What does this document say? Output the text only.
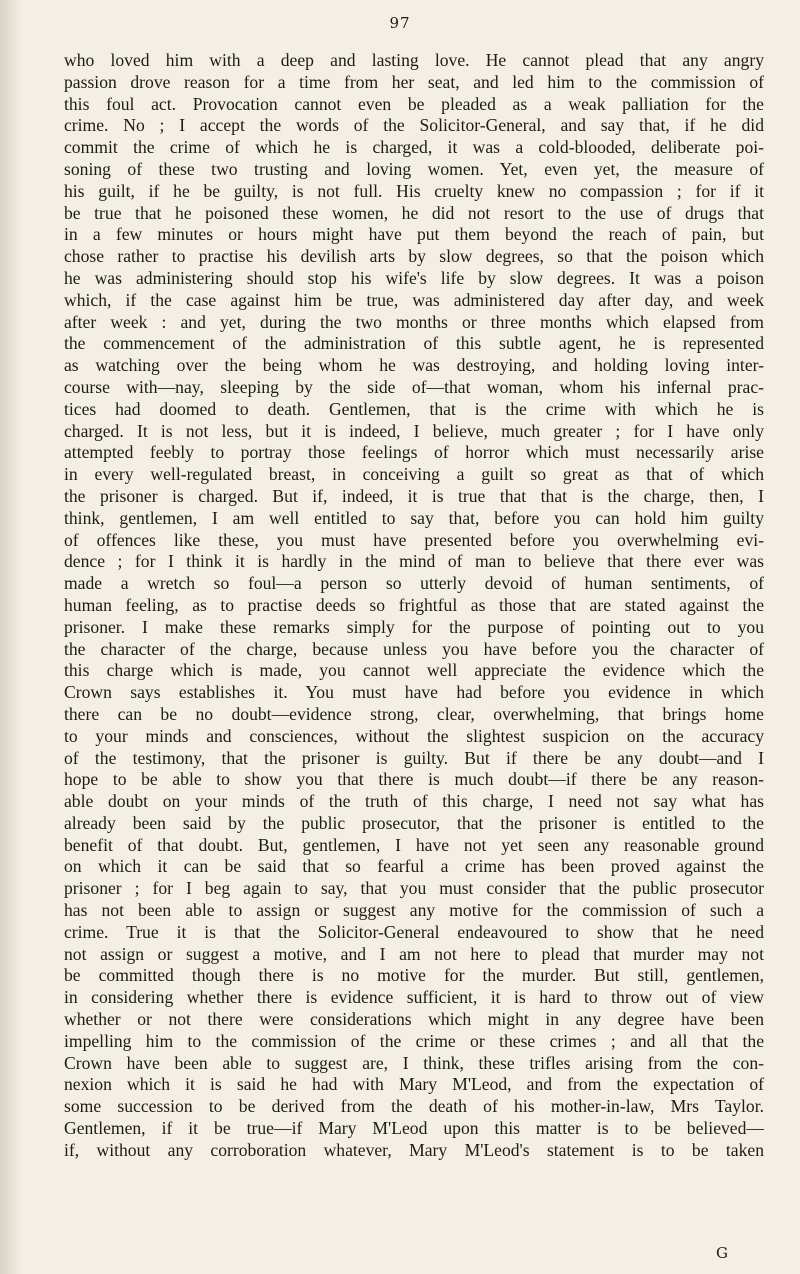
97
who loved him with a deep and lasting love. He cannot plead that any angry
passion drove reason for a time from her seat, and led him to the commission of
this foul act. Provocation cannot even be pleaded as a weak palliation for the
crime. No ; I accept the words of the Solicitor-General, and say that, if he did
commit the crime of which he is charged, it was a cold-blooded, deliberate poi-
soning of these two trusting and loving women. Yet, even yet, the measure of
his guilt, if he be guilty, is not full. His cruelty knew no compassion ; for if it
be true that he poisoned these women, he did not resort to the use of drugs that
in a few minutes or hours might have put them beyond the reach of pain, but
chose rather to practise his devilish arts by slow degrees, so that the poison which
he was administering should stop his wife's life by slow degrees. It was a poison
which, if the case against him be true, was administered day after day, and week
after week : and yet, during the two months or three months which elapsed from
the commencement of the administration of this subtle agent, he is represented
as watching over the being whom he was destroying, and holding loving inter-
course with—nay, sleeping by the side of—that woman, whom his infernal prac-
tices had doomed to death. Gentlemen, that is the crime with which he is
charged. It is not less, but it is indeed, I believe, much greater ; for I have only
attempted feebly to portray those feelings of horror which must necessarily arise
in every well-regulated breast, in conceiving a guilt so great as that of which
the prisoner is charged. But if, indeed, it is true that that is the charge, then, I
think, gentlemen, I am well entitled to say that, before you can hold him guilty
of offences like these, you must have presented before you overwhelming evi-
dence ; for I think it is hardly in the mind of man to believe that there ever was
made a wretch so foul—a person so utterly devoid of human sentiments, of
human feeling, as to practise deeds so frightful as those that are stated against the
prisoner. I make these remarks simply for the purpose of pointing out to you
the character of the charge, because unless you have before you the character of
this charge which is made, you cannot well appreciate the evidence which the
Crown says establishes it. You must have had before you evidence in which
there can be no doubt—evidence strong, clear, overwhelming, that brings home
to your minds and consciences, without the slightest suspicion on the accuracy
of the testimony, that the prisoner is guilty. But if there be any doubt—and I
hope to be able to show you that there is much doubt—if there be any reason-
able doubt on your minds of the truth of this charge, I need not say what has
already been said by the public prosecutor, that the prisoner is entitled to the
benefit of that doubt. But, gentlemen, I have not yet seen any reasonable ground
on which it can be said that so fearful a crime has been proved against the
prisoner ; for I beg again to say, that you must consider that the public prosecutor
has not been able to assign or suggest any motive for the commission of such a
crime. True it is that the Solicitor-General endeavoured to show that he need
not assign or suggest a motive, and I am not here to plead that murder may not
be committed though there is no motive for the murder. But still, gentlemen,
in considering whether there is evidence sufficient, it is hard to throw out of view
whether or not there were considerations which might in any degree have been
impelling him to the commission of the crime or these crimes ; and all that the
Crown have been able to suggest are, I think, these trifles arising from the con-
nexion which it is said he had with Mary M'Leod, and from the expectation of
some succession to be derived from the death of his mother-in-law, Mrs Taylor.
Gentlemen, if it be true—if Mary M'Leod upon this matter is to be believed—
if, without any corroboration whatever, Mary M'Leod's statement is to be taken
G
